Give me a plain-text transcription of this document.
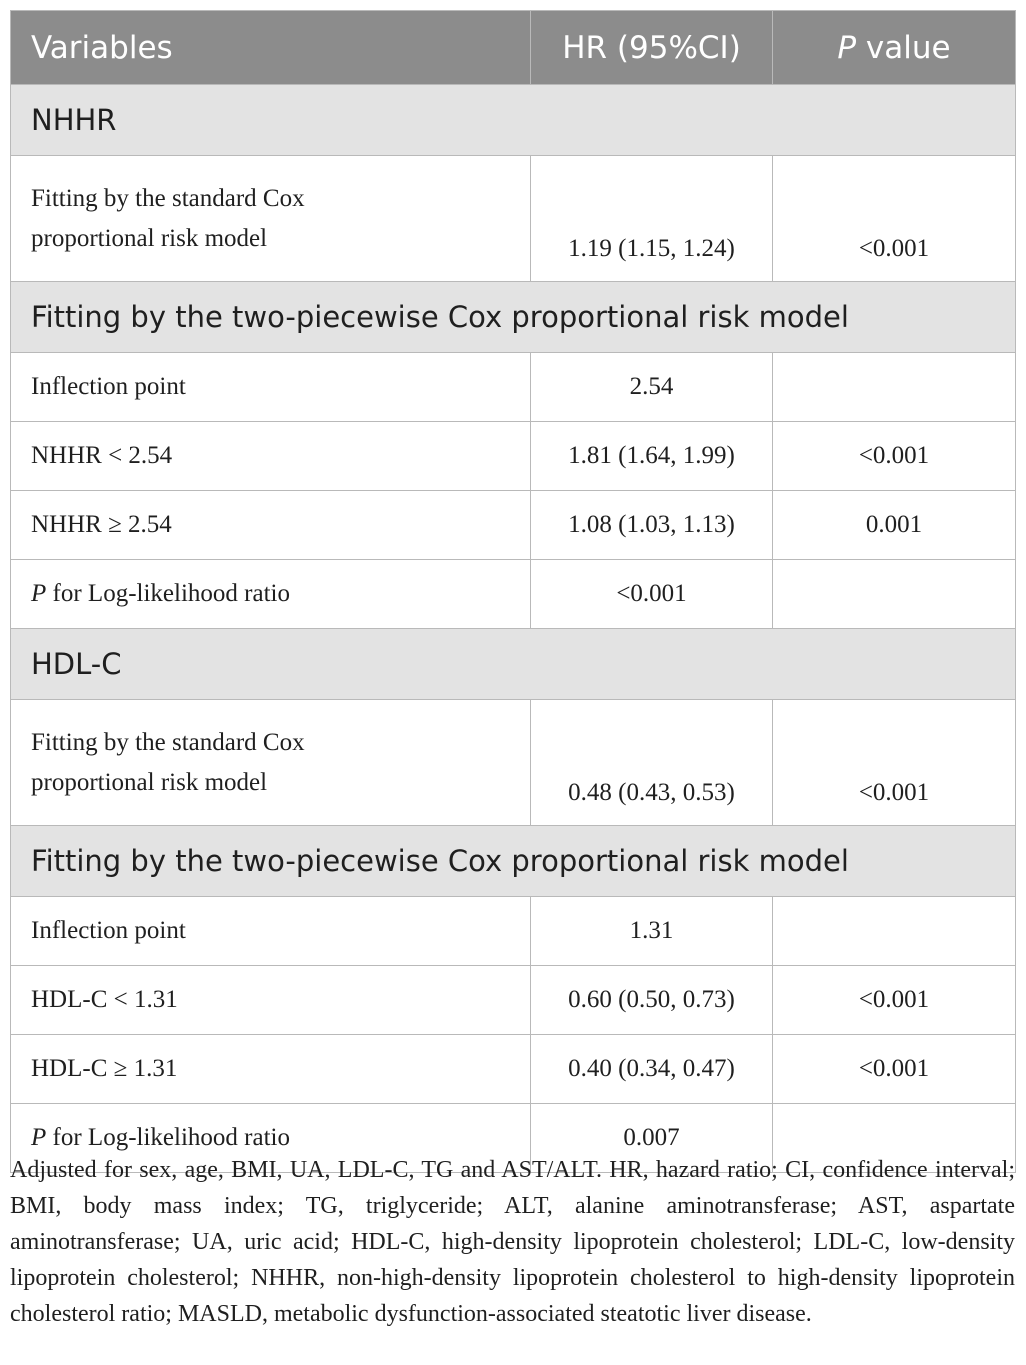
Variables	HR (95%CI)	P value
NHHR		
Fitting by the standard Cox
proportional risk model	1.19 (1.15, 1.24)	<0.001
Fitting by the two-piecewise Cox proportional risk model		
Inflection point	2.54	
NHHR < 2.54	1.81 (1.64, 1.99)	<0.001
NHHR ≥ 2.54	1.08 (1.03, 1.13)	0.001
P for Log-likelihood ratio	<0.001	
HDL-C		
Fitting by the standard Cox
proportional risk model	0.48 (0.43, 0.53)	<0.001
Fitting by the two-piecewise Cox proportional risk model		
Inflection point	1.31	
HDL-C < 1.31	0.60 (0.50, 0.73)	<0.001
HDL-C ≥ 1.31	0.40 (0.34, 0.47)	<0.001
P for Log-likelihood ratio	0.007	
Adjusted for sex, age, BMI, UA, LDL-C, TG and AST/ALT. HR, hazard ratio; CI, confidence interval; BMI, body mass index; TG, triglyceride; ALT, alanine aminotransferase; AST, aspartate aminotransferase; UA, uric acid; HDL-C, high-density lipoprotein cholesterol; LDL-C, low-density lipoprotein cholesterol; NHHR, non-high-density lipoprotein cholesterol to high-density lipoprotein cholesterol ratio; MASLD, metabolic dysfunction-associated steatotic liver disease.
